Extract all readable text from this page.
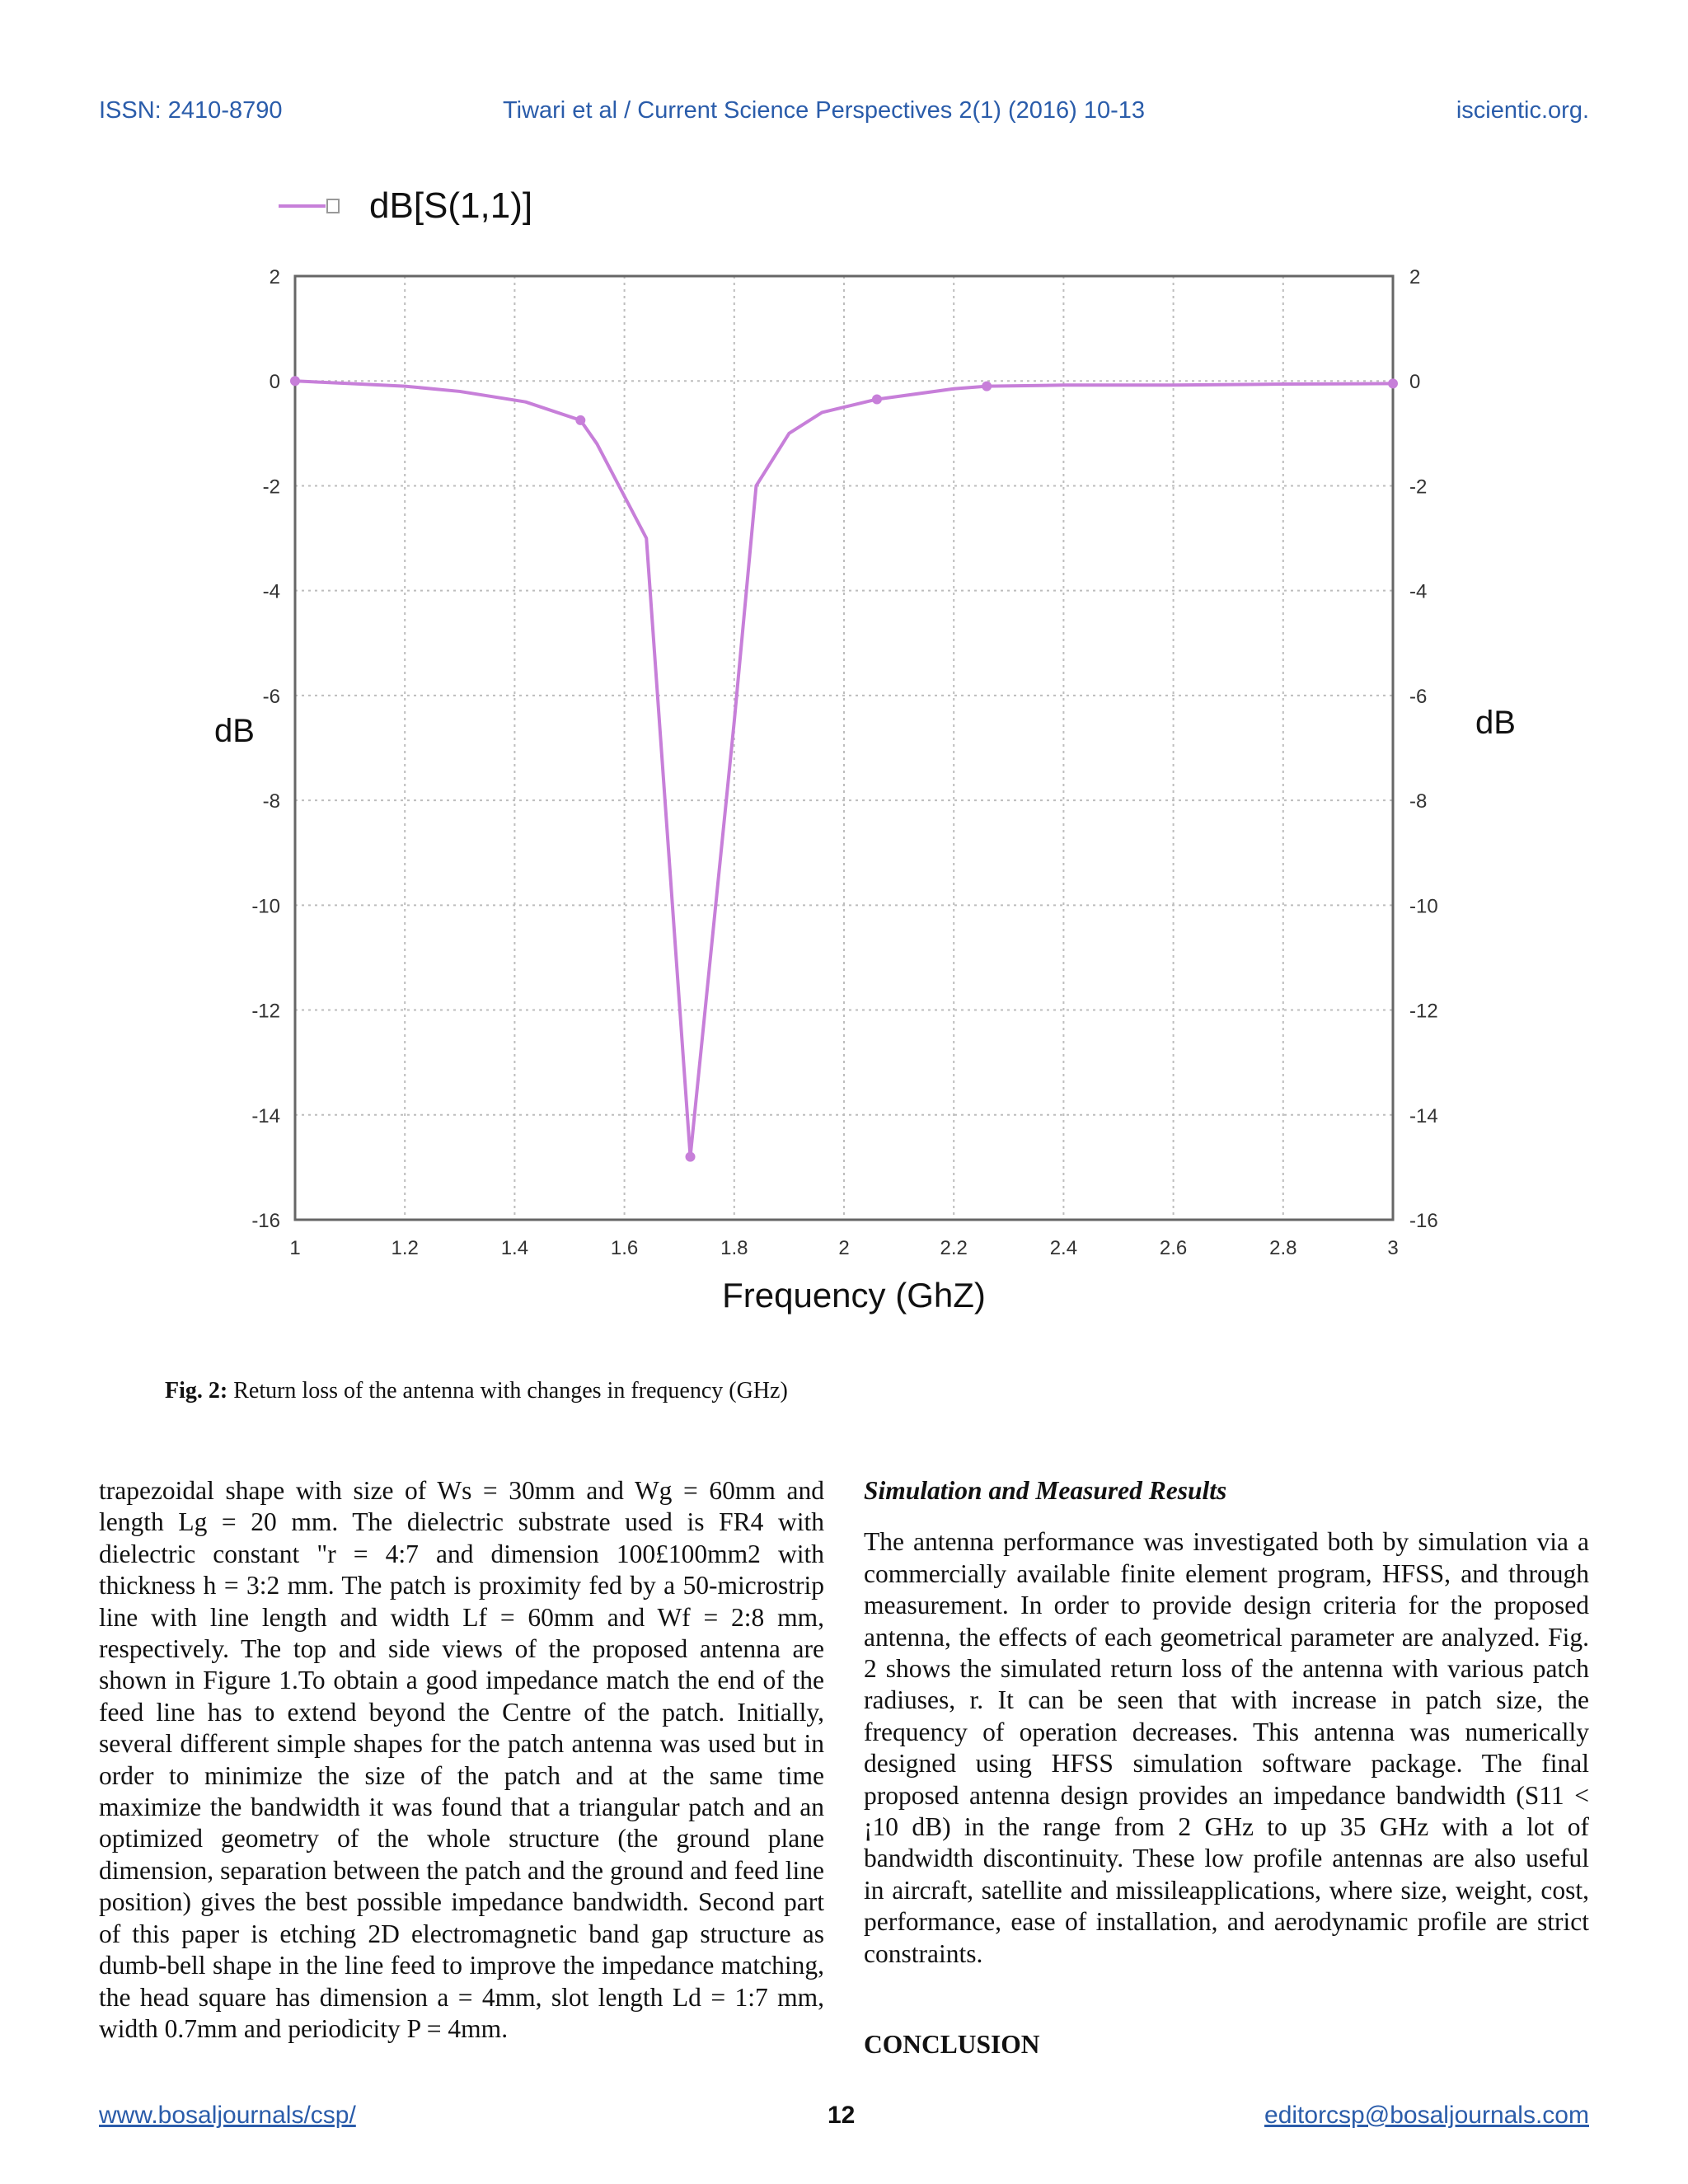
ISSN: 2410-8790	Tiwari et al / Current Science Perspectives 2(1) (2016) 10-13	iscientic.org.
dB[S(1,1)]
1	1.2	1.4	1.6	1.8	2	2.2	2.4	2.6	2.8	3
2	2
0	0
-2	-2
-4	-4
-6	-6
-8	-8
-10	-10
-12	-12
-14	-14
-16	-16
dB	dB
Frequency (GhZ)
Fig. 2: Return loss of the antenna with changes in frequency (GHz)

trapezoidal shape with size of Ws = 30mm and Wg = 60mm and length Lg = 20 mm. The dielectric substrate used is FR4 with dielectric constant "r = 4:7 and dimension 100£100mm2 with thickness h = 3:2 mm. The patch is proximity fed by a 50-microstrip line with line length and width Lf = 60mm and Wf = 2:8 mm, respectively. The top and side views of the proposed antenna are shown in Figure 1.To obtain a good impedance match the end of the feed line has to extend beyond the Centre of the patch. Initially, several different simple shapes for the patch antenna was used but in order to minimize the size of the patch and at the same time maximize the bandwidth it was found that a triangular patch and an optimized geometry of the whole structure (the ground plane dimension, separation between the patch and the ground and feed line position) gives the best possible impedance bandwidth. Second part of this paper is etching 2D electromagnetic band gap structure as dumb-bell shape in the line feed to improve the impedance matching, the head square has dimension a = 4mm, slot length Ld = 1:7 mm, width 0.7mm and periodicity P = 4mm.

Simulation and Measured Results

The antenna performance was investigated both by simulation via a commercially available finite element program, HFSS, and through measurement. In order to provide design criteria for the proposed antenna, the effects of each geometrical parameter are analyzed. Fig. 2 shows the simulated return loss of the antenna with various patch radiuses, r. It can be seen that with increase in patch size, the frequency of operation decreases. This antenna was numerically designed using HFSS simulation software package. The final proposed antenna design provides an impedance bandwidth (S11 < ¡10 dB) in the range from 2 GHz to up 35 GHz with a lot of bandwidth discontinuity. These low profile antennas are also useful in aircraft, satellite and missileapplications, where size, weight, cost, performance, ease of installation, and aerodynamic profile are strict constraints.

CONCLUSION
www.bosaljournals/csp/	12	editorcsp@bosaljournals.com
